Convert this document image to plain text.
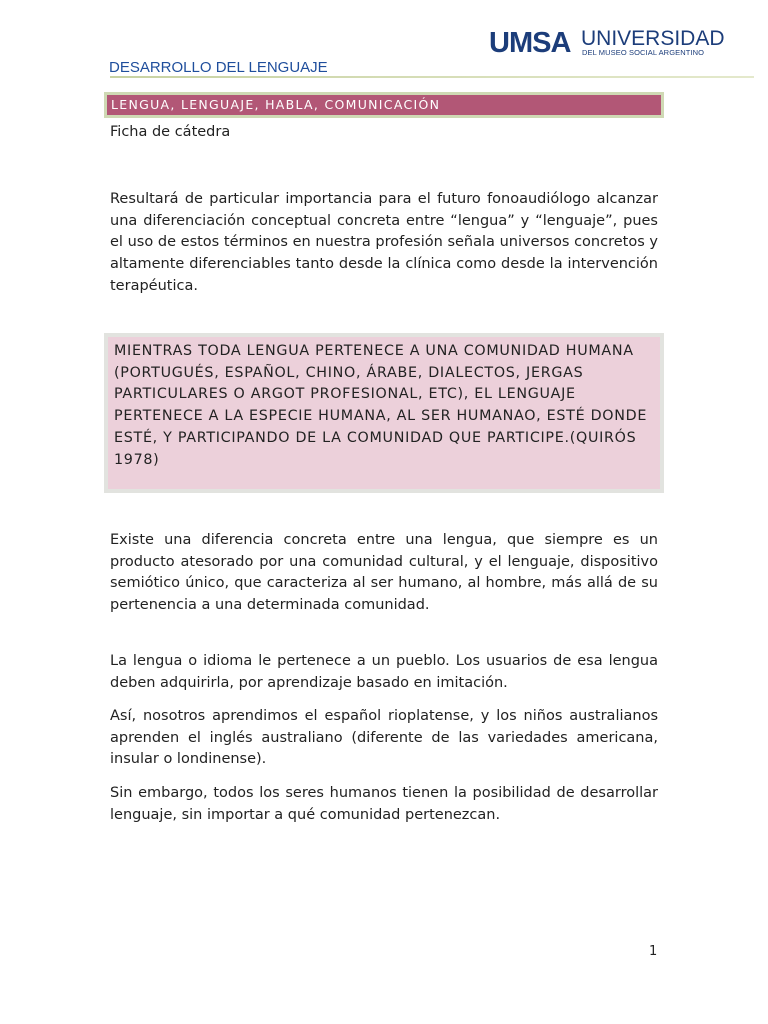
DESARROLLO DEL LENGUAJE
UMSA UNIVERSIDAD
DEL MUSEO SOCIAL ARGENTINO
LENGUA, LENGUAJE, HABLA, COMUNICACIÓN
Ficha de cátedra

Resultará de particular importancia para el futuro fonoaudiólogo alcanzar una diferenciación conceptual concreta entre “lengua” y “lenguaje”, pues el uso de estos términos en nuestra profesión señala universos concretos y altamente diferenciables tanto desde la clínica como desde la intervención terapéutica.

MIENTRAS TODA LENGUA PERTENECE A UNA COMUNIDAD HUMANA (PORTUGUÉS, ESPAÑOL, CHINO, ÁRABE, DIALECTOS, JERGAS PARTICULARES O ARGOT PROFESIONAL, ETC), EL LENGUAJE PERTENECE A LA ESPECIE HUMANA, AL SER HUMANAO, ESTÉ DONDE ESTÉ, Y PARTICIPANDO DE LA COMUNIDAD QUE PARTICIPE.(QUIRÓS 1978)

Existe una diferencia concreta entre una lengua, que siempre es un producto atesorado por una comunidad cultural, y el lenguaje, dispositivo semiótico único, que caracteriza al ser humano, al hombre, más allá de su pertenencia a una determinada comunidad.

La lengua o idioma le pertenece a un pueblo. Los usuarios de esa lengua deben adquirirla, por aprendizaje basado en imitación.

Así, nosotros aprendimos el español rioplatense, y los niños australianos aprenden el inglés australiano (diferente de las variedades americana, insular o londinense).

Sin embargo, todos los seres humanos tienen la posibilidad de desarrollar lenguaje, sin importar a qué comunidad pertenezcan.

1
